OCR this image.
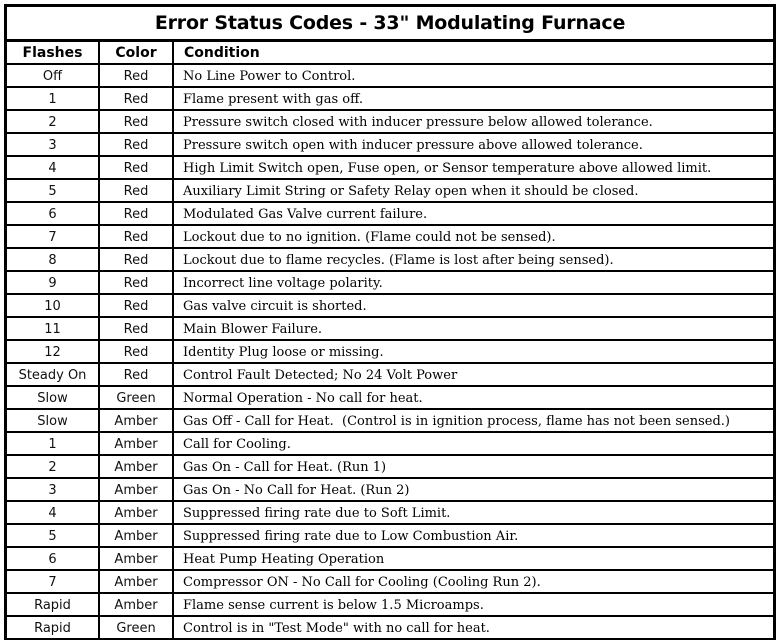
Error Status Codes - 33" Modulating Furnace
Flashes	Color	Condition

Off	Red	No Line Power to Control.
1	Red	Flame present with gas off.
2	Red	Pressure switch closed with inducer pressure below allowed tolerance.
3	Red	Pressure switch open with inducer pressure above allowed tolerance.
4	Red	High Limit Switch open, Fuse open, or Sensor temperature above allowed limit.
5	Red	Auxiliary Limit String or Safety Relay open when it should be closed.
6	Red	Modulated Gas Valve current failure.
7	Red	Lockout due to no ignition. (Flame could not be sensed).
8	Red	Lockout due to flame recycles. (Flame is lost after being sensed).
9	Red	Incorrect line voltage polarity.
10	Red	Gas valve circuit is shorted.
11	Red	Main Blower Failure.
12	Red	Identity Plug loose or missing.
Steady On	Red	Control Fault Detected; No 24 Volt Power
Slow	Green	Normal Operation - No call for heat.
Slow	Amber	Gas Off - Call for Heat.  (Control is in ignition process, flame has not been sensed.)
1	Amber	Call for Cooling.
2	Amber	Gas On - Call for Heat. (Run 1)
3	Amber	Gas On - No Call for Heat. (Run 2)
4	Amber	Suppressed firing rate due to Soft Limit.
5	Amber	Suppressed firing rate due to Low Combustion Air.
6	Amber	Heat Pump Heating Operation
7	Amber	Compressor ON - No Call for Cooling (Cooling Run 2).
Rapid	Amber	Flame sense current is below 1.5 Microamps.
Rapid	Green	Control is in "Test Mode" with no call for heat.
